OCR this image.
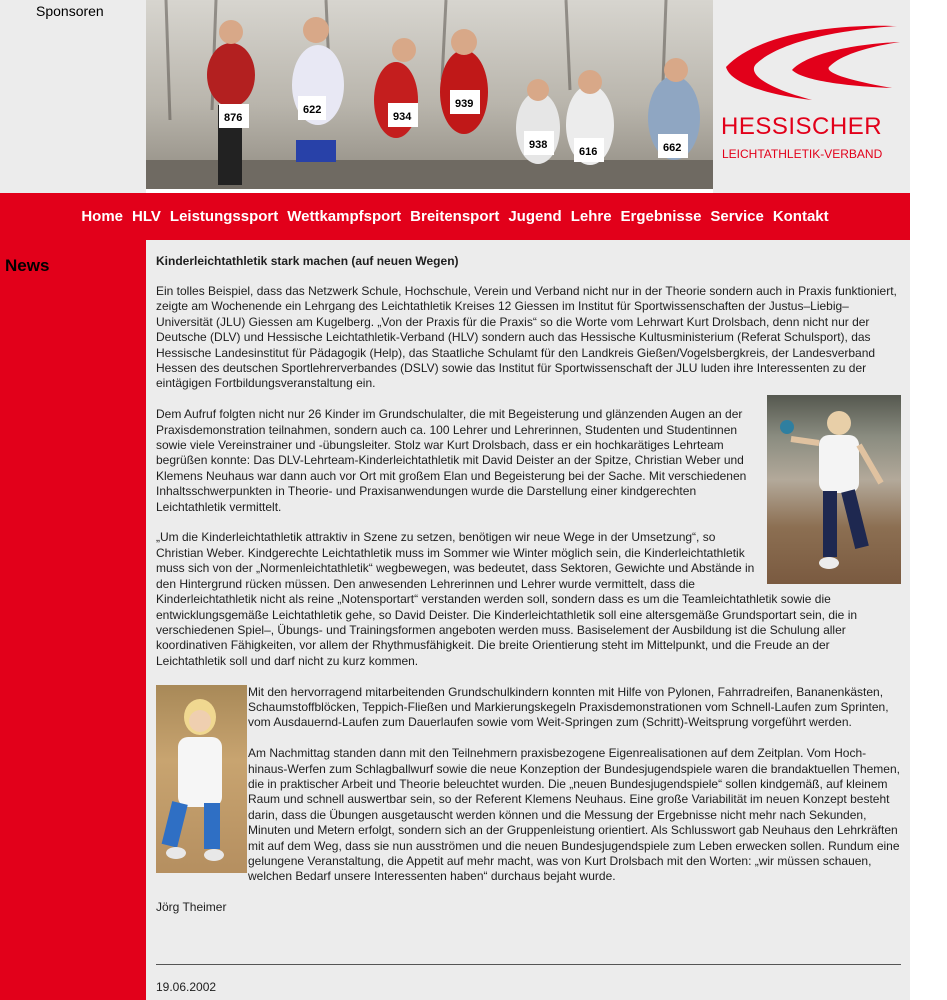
Sponsoren
876
622
934
939
938
616	662
HESSISCHER
LEICHTATHLETIK-VERBAND
Home HLV Leistungssport Wettkampfsport Breitensport Jugend Lehre Ergebnisse Service Kontakt
News	Kinderleichtathletik stark machen (auf neuen Wegen)

Ein tolles Beispiel, dass das Netzwerk Schule, Hochschule, Verein und Verband nicht nur in der Theorie sondern auch in Praxis funktioniert, zeigte am Wochenende ein Lehrgang des Leichtathletik Kreises 12 Giessen im Institut für Sportwissenschaften der Justus–Liebig– Universität (JLU) Giessen am Kugelberg. „Von der Praxis für die Praxis“ so die Worte vom Lehrwart Kurt Drolsbach, denn nicht nur der Deutsche (DLV) und Hessische Leichtathletik-Verband (HLV) sondern auch das Hessische Kultusministerium (Referat Schulsport), das Hessische Landesinstitut für Pädagogik (Help), das Staatliche Schulamt für den Landkreis Gießen/Vogelsbergkreis, der Landesverband Hessen des deutschen Sportlehrerverbandes (DSLV) sowie das Institut für Sportwissenschaft der JLU luden ihre Interessenten zu der eintägigen Fortbildungsveranstaltung ein.

Dem Aufruf folgten nicht nur 26 Kinder im Grundschulalter, die mit Begeisterung und glänzenden Augen an der Praxisdemonstration teilnahmen, sondern auch ca. 100 Lehrer und Lehrerinnen, Studenten und Studentinnen sowie viele Vereinstrainer und -übungsleiter. Stolz war Kurt Drolsbach, dass er ein hochkarätiges Lehrteam begrüßen konnte: Das DLV-Lehrteam-Kinderleichtathletik mit David Deister an der Spitze, Christian Weber und Klemens Neuhaus war dann auch vor Ort mit großem Elan und Begeisterung bei der Sache. Mit verschiedenen Inhaltsschwerpunkten in Theorie- und Praxisanwendungen wurde die Darstellung einer kindgerechten Leichtathletik vermittelt.

„Um die Kinderleichtathletik attraktiv in Szene zu setzen, benötigen wir neue Wege in der Umsetzung“, so Christian Weber. Kindgerechte Leichtathletik muss im Sommer wie Winter möglich sein, die Kinderleichtathletik muss sich von der „Normenleichtathletik“ wegbewegen, was bedeutet, dass Sektoren, Gewichte und Abstände in den Hintergrund rücken müssen. Den anwesenden Lehrerinnen und Lehrer wurde vermittelt, dass die Kinderleichtathletik nicht als reine „Notensportart“ verstanden werden soll, sondern dass es um die Teamleichtathletik sowie die entwicklungsgemäße Leichtathletik gehe, so David Deister. Die Kinderleichtathletik soll eine altersgemäße Grundsportart sein, die in verschiedenen Spiel–, Übungs- und Trainingsformen angeboten werden muss. Basiselement der Ausbildung ist die Schulung aller koordinativen Fähigkeiten, vor allem der Rhythmusfähigkeit. Die breite Orientierung steht im Mittelpunkt, und die Freude an der Leichtathletik soll und darf nicht zu kurz kommen.

Mit den hervorragend mitarbeitenden Grundschulkindern konnten mit Hilfe von Pylonen, Fahrradreifen, Bananenkästen, Schaumstoffblöcken, Teppich-Fließen und Markierungskegeln Praxisdemonstrationen vom Schnell-Laufen zum Sprinten, vom Ausdauernd-Laufen zum Dauerlaufen sowie vom Weit-Springen zum (Schritt)-Weitsprung vorgeführt werden.

Am Nachmittag standen dann mit den Teilnehmern praxisbezogene Eigenrealisationen auf dem Zeitplan. Vom Hoch-hinaus-Werfen zum Schlagballwurf sowie die neue Konzeption der Bundesjugendspiele waren die brandaktuellen Themen, die in praktischer Arbeit und Theorie beleuchtet wurden. Die „neuen Bundesjugendspiele“ sollen kindgemäß, auf kleinem Raum und schnell auswertbar sein, so der Referent Klemens Neuhaus. Eine große Variabilität im neuen Konzept besteht darin, dass die Übungen ausgetauscht werden können und die Messung der Ergebnisse nicht mehr nach Sekunden, Minuten und Metern erfolgt, sondern sich an der Gruppenleistung orientiert. Als Schlusswort gab Neuhaus den Lehrkräften mit auf dem Weg, dass sie nun ausströmen und die neuen Bundesjugendspiele zum Leben erwecken sollen. Rundum eine gelungene Veranstaltung, die Appetit auf mehr macht, was von Kurt Drolsbach mit den Worten: „wir müssen schauen, welchen Bedarf unsere Interessenten haben“ durchaus bejaht wurde.

Jörg Theimer

19.06.2002
